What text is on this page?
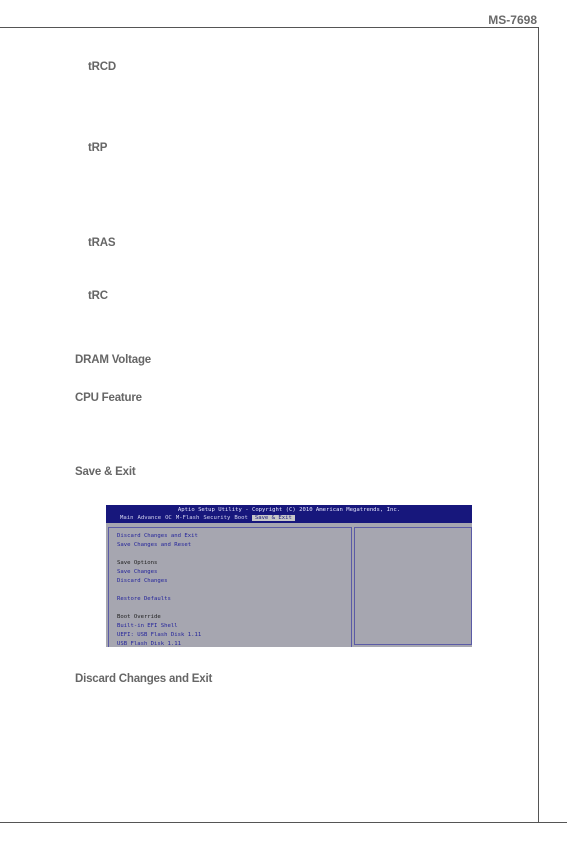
MS-7698
tRCD
tRP
tRAS
tRC
DRAM Voltage
CPU Feature
Save & Exit
Aptio Setup Utility - Copyright (C) 2010 American Megatrends, Inc.
Main Advance OC M-Flash Security Boot	Save & Exit
Discard Changes and Exit
Save Changes and Reset
Save Options
Save Changes
Discard Changes
Restore Defaults
Boot Override
Built-in EFI Shell
UEFI: USB Flash Disk 1.11
USB Flash Disk 1.11
Discard Changes and Exit
